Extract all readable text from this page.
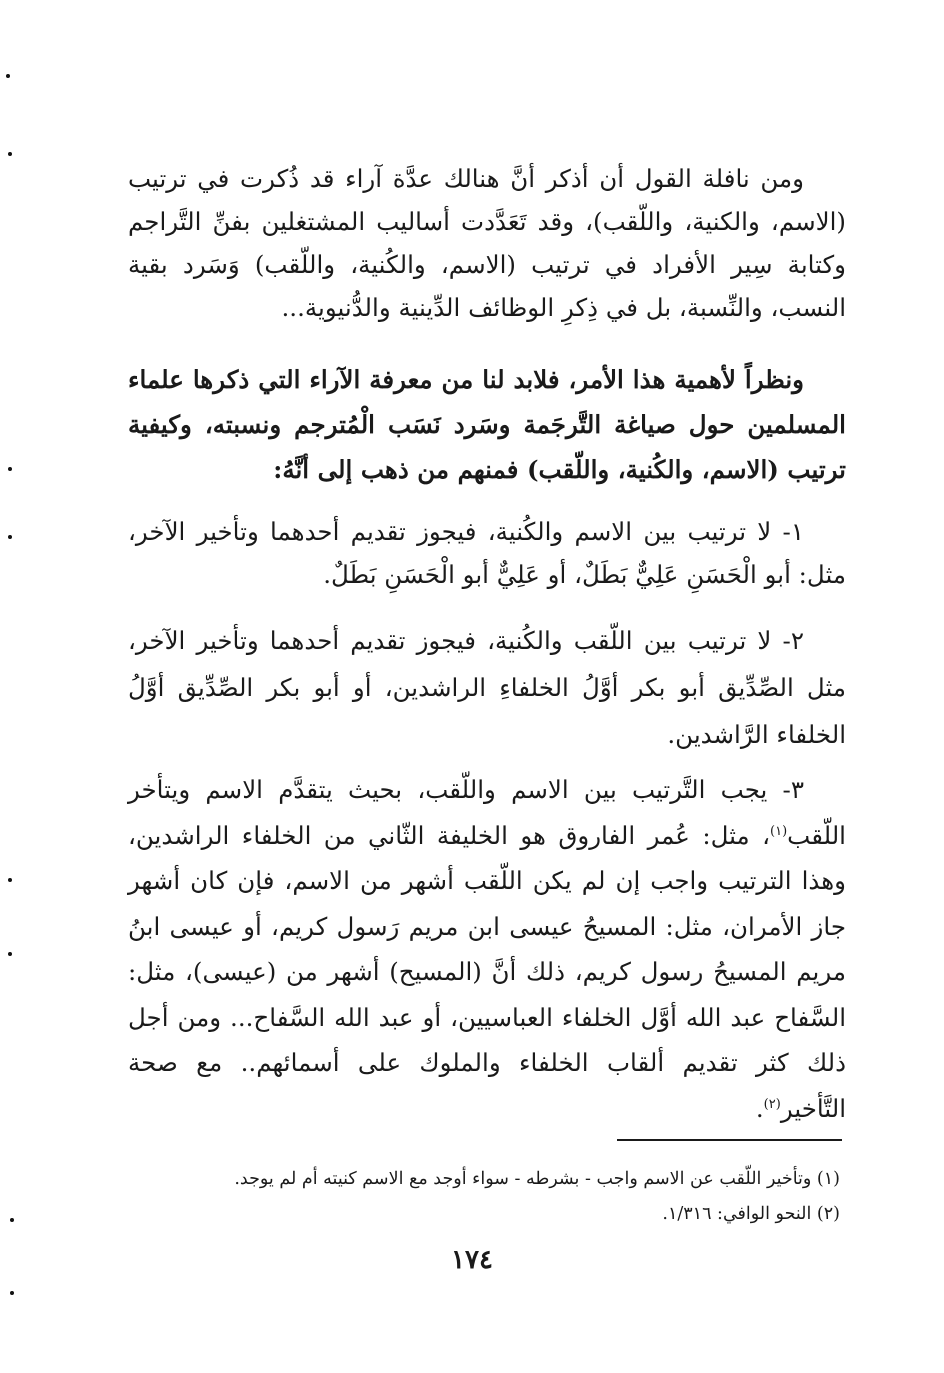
ومن نافلة القول أن أذكر أنَّ هنالك عدَّة آراء قد ذُكرت في ترتيب (الاسم، والكنية، واللّقب)، وقد تَعَدَّدت أساليب المشتغلين بفنِّ التَّراجم وكتابة سِير الأفراد في ترتيب (الاسم، والكُنية، واللّقب) وَسَرد بقية النسب، والنِّسبة، بل في ذِكرِ الوظائف الدِّينية والدُّنيوية...

ونظراً لأهمية هذا الأمر، فلابد لنا من معرفة الآراء التي ذكرها علماء المسلمين حول صياغة التَّرجَمة وسَرد نَسَب الْمُترجم ونسبته، وكيفية ترتيب (الاسم، والكُنية، واللّقب) فمنهم من ذهب إلى أنَّهُ:

١- لا ترتيب بين الاسم والكُنية، فيجوز تقديم أحدهما وتأخير الآخر، مثل: أبو الْحَسَنِ عَلِيٌّ بَطَلٌ، أو عَلِيٌّ أبو الْحَسَنِ بَطَلٌ.

٢- لا ترتيب بين اللّقب والكُنية، فيجوز تقديم أحدهما وتأخير الآخر، مثل الصِّدِّيق أبو بكر أوَّلُ الخلفاءِ الراشدين، أو أبو بكر الصِّدِّيق أوَّلُ الخلفاء الرَّاشدين.

٣- يجب التَّرتيب بين الاسم واللّقب، بحيث يتقدَّم الاسم ويتأخر اللّقب$^{(١)}$، مثل: عُمر الفاروق هو الخليفة الثّاني من الخلفاء الراشدين، وهذا الترتيب واجب إن لم يكن اللّقب أشهر من الاسم، فإن كان أشهر جاز الأمران، مثل: المسيحُ عيسى ابن مريم رَسول كريم، أو عيسى ابنُ مريم المسيحُ رسول كريم، ذلك أنَّ (المسيح) أشهر من (عيسى)، مثل: السَّفاح عبد الله أوَّل الخلفاء العباسيين، أو عبد الله السَّفاح... ومن أجل ذلك كثر تقديم ألقاب الخلفاء والملوك على أسمائهم.. مع صحة التَّأخير$^{(٢)}$.

(١) وتأخير اللّقب عن الاسم واجب - بشرطه - سواء أوجد مع الاسم كنيته أم لم يوجد.

(٢) النحو الوافي: ١/٣١٦.

١٧٤
